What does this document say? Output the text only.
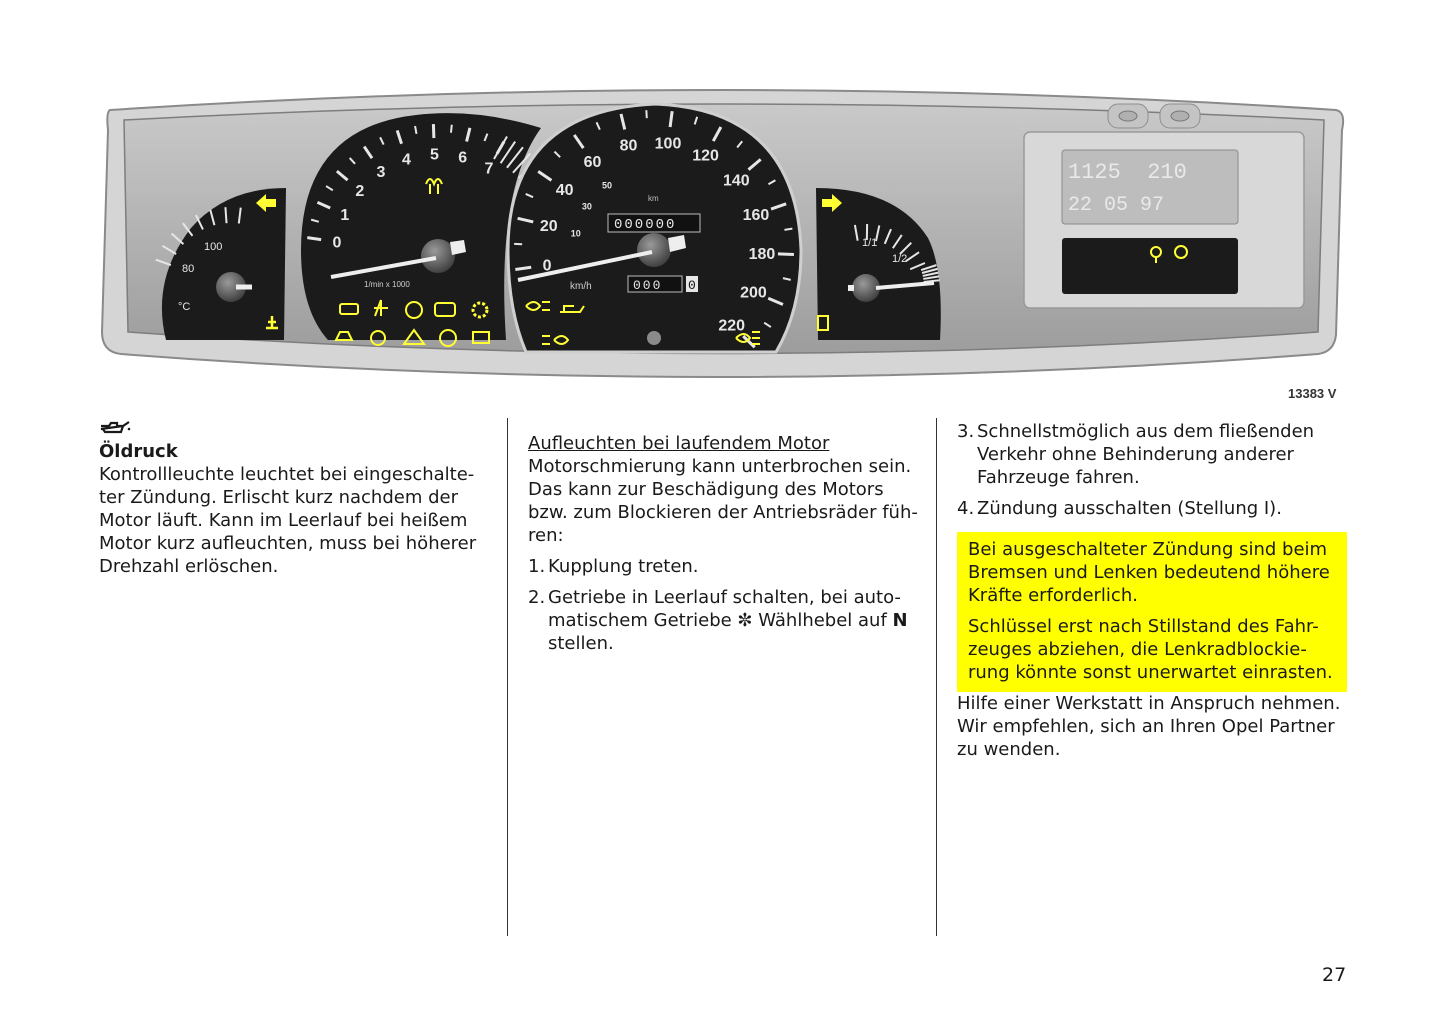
80
100
°C
0
1
2
3
4 5 6
7
1/min x 1000
0
20
40
60
80 100
120
140
160
180
200
220
10
30
50
km
000000
000 0
km/h
1/1
1/2
1125  210
22 05 97
13383 V

Öldruck

Kontrollleuchte leuchtet bei eingeschalte- ter Zündung. Erlischt kurz nachdem der Motor läuft. Kann im Leerlauf bei heißem Motor kurz aufleuchten, muss bei höherer Drehzahl erlöschen.

Aufleuchten bei laufendem Motor

Motorschmierung kann unterbrochen sein. Das kann zur Beschädigung des Motors bzw. zum Blockieren der Antriebsräder füh- ren:

1. Kupplung treten.
2. Getriebe in Leerlauf schalten, bei auto- matischem Getriebe ✼ Wählhebel auf N stellen.
3. Schnellstmöglich aus dem fließenden Verkehr ohne Behinderung anderer Fahrzeuge fahren.
4. Zündung ausschalten (Stellung I).

Bei ausgeschalteter Zündung sind beim Bremsen und Lenken bedeutend höhere Kräfte erforderlich.

Schlüssel erst nach Stillstand des Fahr- zeuges abziehen, die Lenkradblockie- rung könnte sonst unerwartet einrasten.

Hilfe einer Werkstatt in Anspruch nehmen. Wir empfehlen, sich an Ihren Opel Partner zu wenden.

27
